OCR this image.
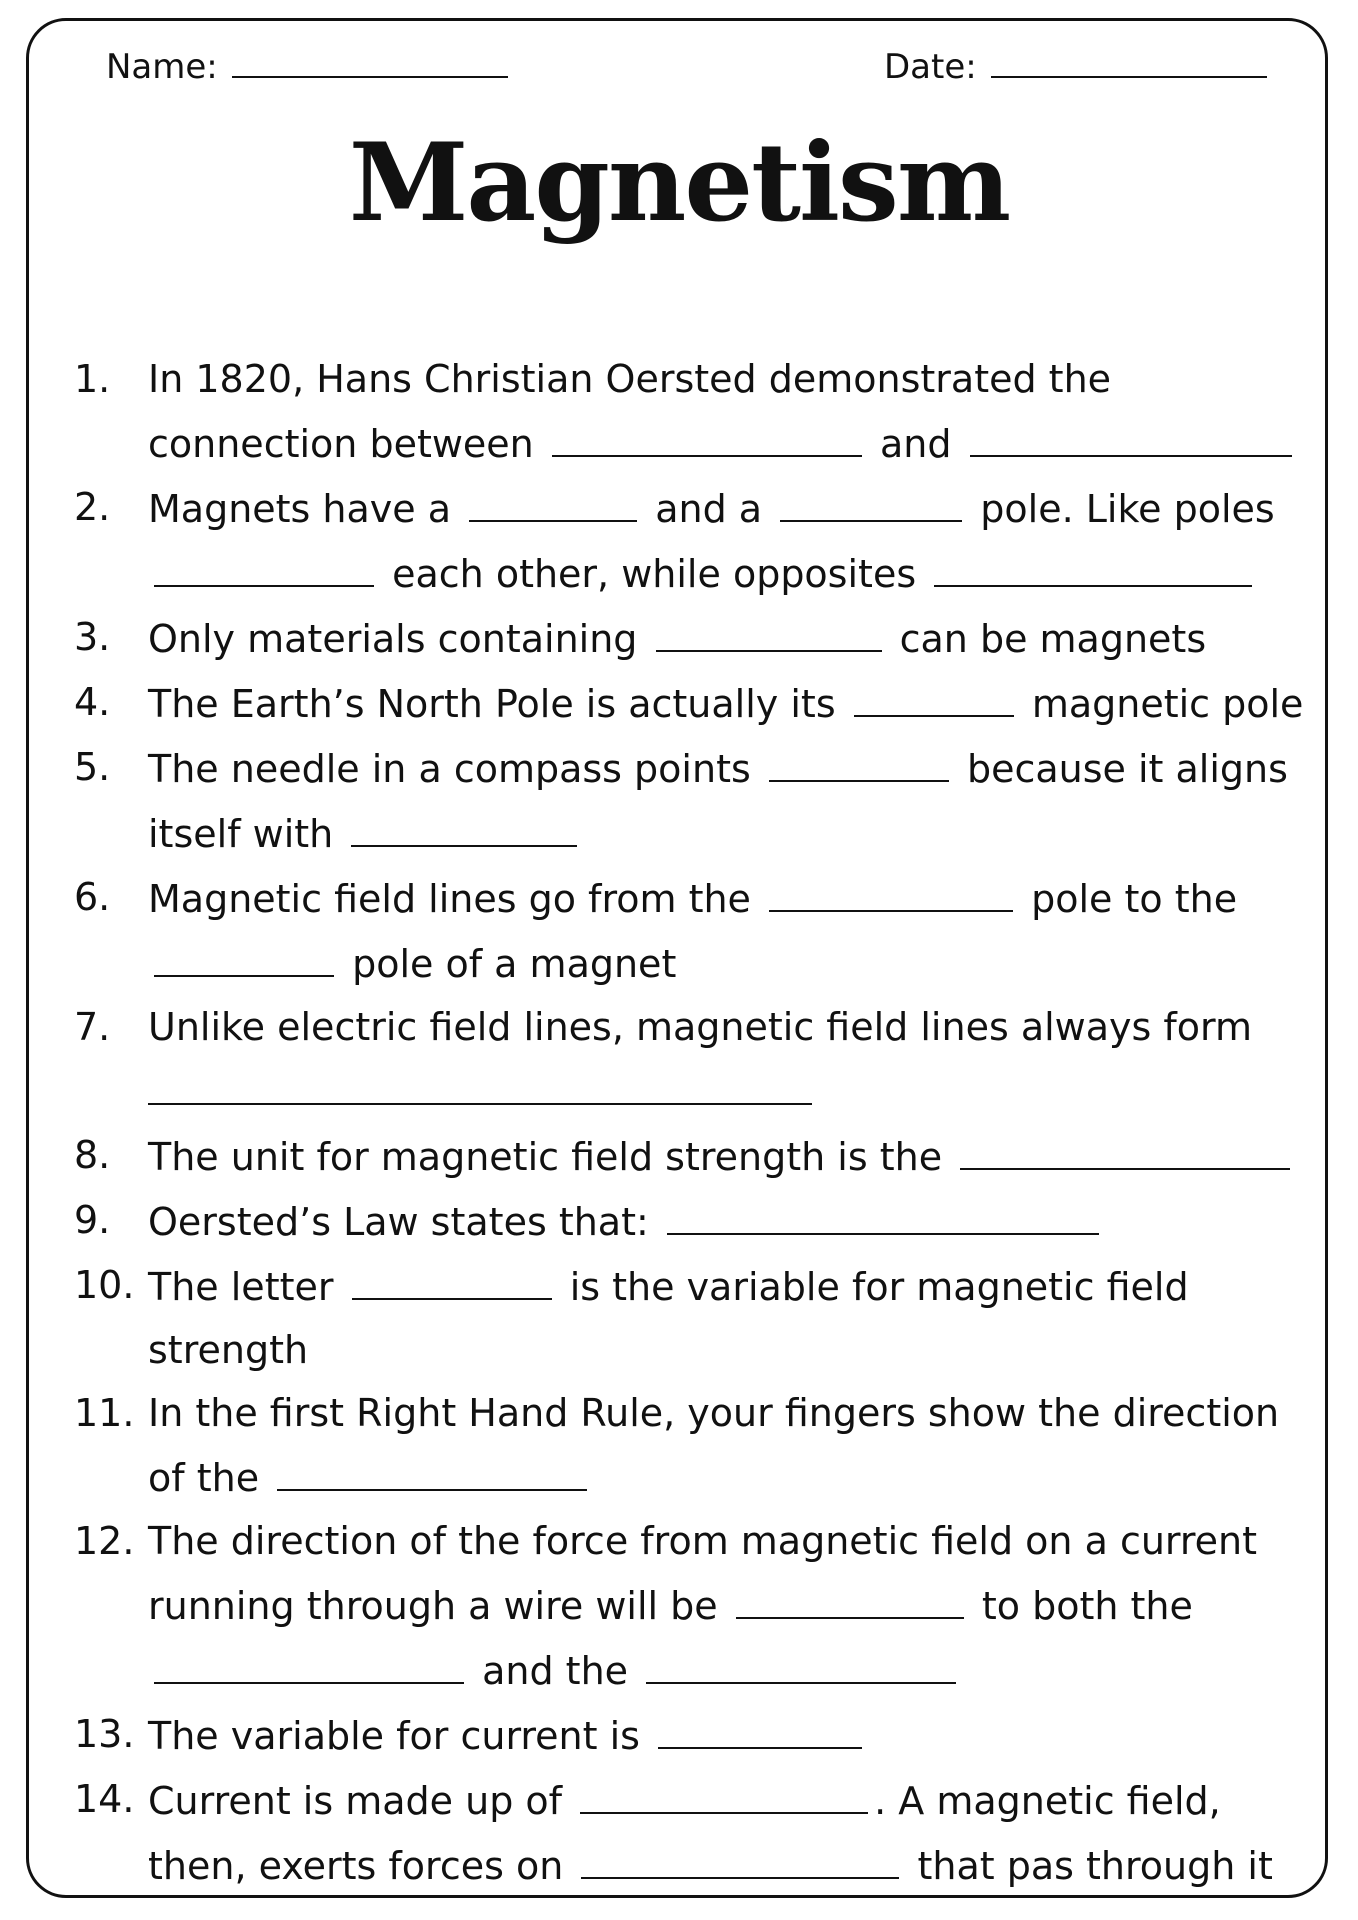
Name:	Date:
Magnetism
1. In 1820, Hans Christian Oersted demonstrated the connection between	and
2. Magnets have a	and a	pole. Like poles  each other, while opposites
3. Only materials containing	can be magnets
4. The Earth’s North Pole is actually its	magnetic pole
5. The needle in a compass points	because it aligns itself with
6. Magnetic field lines go from the	pole to the  pole of a magnet
7. Unlike electric field lines, magnetic field lines always form
8. The unit for magnetic field strength is the
9. Oersted’s Law states that:
10. The letter	is the variable for magnetic field strength
11. In the first Right Hand Rule, your fingers show the direction of the
12. The direction of the force from magnetic field on a current running through a wire will be	to both the  and the
13. The variable for current is
14. Current is made up of	. A magnetic field, then, exerts forces on	that pas through it
